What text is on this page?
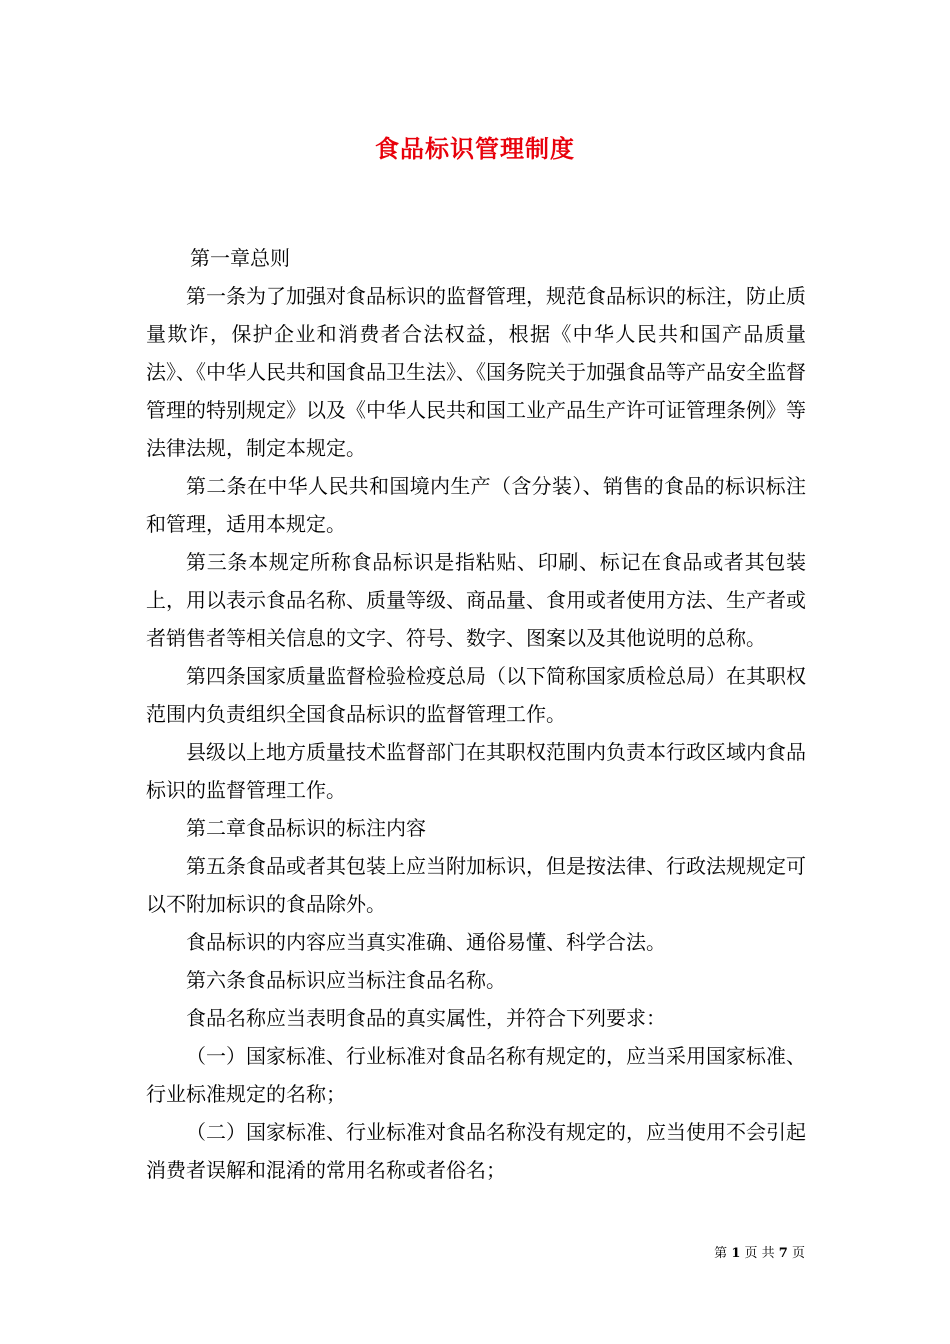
食品标识管理制度

第一章总则

第一条为了加强对食品标识的监督管理，规范食品标识的标注，防止质量欺诈，保护企业和消费者合法权益，根据《中华人民共和国产品质量法》、《中华人民共和国食品卫生法》、《国务院关于加强食品等产品安全监督管理的特别规定》以及《中华人民共和国工业产品生产许可证管理条例》等法律法规，制定本规定。

第二条在中华人民共和国境内生产（含分装）、销售的食品的标识标注和管理，适用本规定。

第三条本规定所称食品标识是指粘贴、印刷、标记在食品或者其包装上，用以表示食品名称、质量等级、商品量、食用或者使用方法、生产者或者销售者等相关信息的文字、符号、数字、图案以及其他说明的总称。

第四条国家质量监督检验检疫总局（以下简称国家质检总局）在其职权范围内负责组织全国食品标识的监督管理工作。

县级以上地方质量技术监督部门在其职权范围内负责本行政区域内食品标识的监督管理工作。

第二章食品标识的标注内容

第五条食品或者其包装上应当附加标识，但是按法律、行政法规规定可以不附加标识的食品除外。

食品标识的内容应当真实准确、通俗易懂、科学合法。

第六条食品标识应当标注食品名称。

食品名称应当表明食品的真实属性，并符合下列要求：

（一）国家标准、行业标准对食品名称有规定的，应当采用国家标准、行业标准规定的名称；

（二）国家标准、行业标准对食品名称没有规定的，应当使用不会引起消费者误解和混淆的常用名称或者俗名；

第 1 页 共 7 页
